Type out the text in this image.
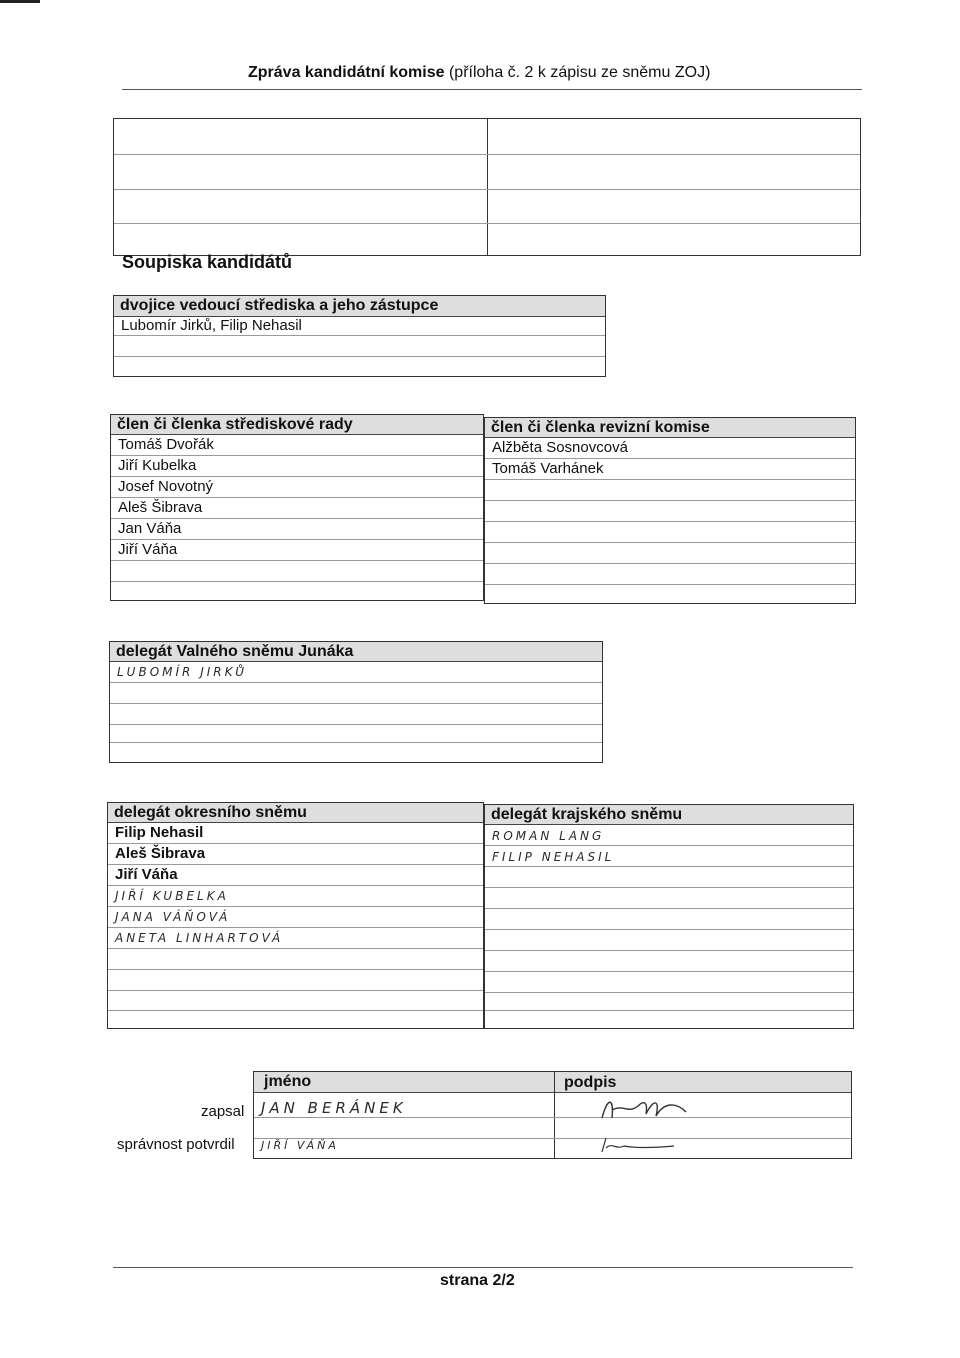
Zpráva kandidátní komise (příloha č. 2 k zápisu ze sněmu ZOJ)
Soupiska kandidátů
dvojice vedoucí střediska a jeho zástupce
Lubomír Jirků, Filip Nehasil
člen či členka střediskové rady
Tomáš Dvořák
Jiří Kubelka
Josef Novotný
Aleš Šibrava
Jan Váňa
Jiří Váňa
člen či členka revizní komise
Alžběta Sosnovcová
Tomáš Varhánek
delegát Valného sněmu Junáka
LUBOMÍR JIRKŮ
delegát okresního sněmu
Filip Nehasil
Aleš Šibrava
Jiří Váňa
JIŘÍ KUBELKA
JANA VÁŇOVÁ
ANETA LINHARTOVÁ
delegát krajského sněmu
ROMAN LANG
FILIP NEHASIL
jméno	podpis
JAN BERÁNEK
JIŘÍ VÁŇA
zapsal
správnost potvrdil
strana 2/2
